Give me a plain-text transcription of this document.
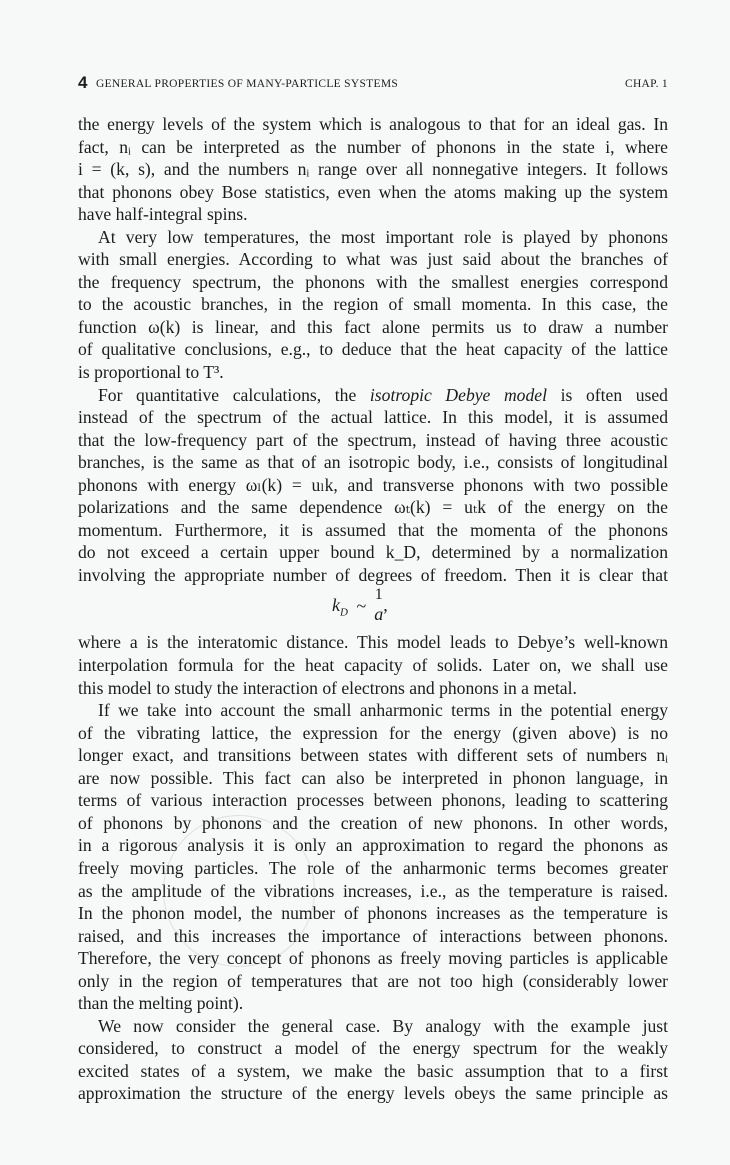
4 GENERAL PROPERTIES OF MANY-PARTICLE SYSTEMS	CHAP. 1
the energy levels of the system which is analogous to that for an ideal gas. In
fact, nᵢ can be interpreted as the number of phonons in the state i, where
i = (k, s), and the numbers nᵢ range over all nonnegative integers. It follows
that phonons obey Bose statistics, even when the atoms making up the system
have half-integral spins.
At very low temperatures, the most important role is played by phonons
with small energies. According to what was just said about the branches of
the frequency spectrum, the phonons with the smallest energies correspond
to the acoustic branches, in the region of small momenta. In this case, the
function ω(k) is linear, and this fact alone permits us to draw a number
of qualitative conclusions, e.g., to deduce that the heat capacity of the lattice
is proportional to T³.
For quantitative calculations, the isotropic Debye model is often used
instead of the spectrum of the actual lattice. In this model, it is assumed
that the low-frequency part of the spectrum, instead of having three acoustic
branches, is the same as that of an isotropic body, i.e., consists of longitudinal
phonons with energy ωₗ(k) = uₗk, and transverse phonons with two possible
polarizations and the same dependence ωₜ(k) = uₜk of the energy on the
momentum. Furthermore, it is assumed that the momenta of the phonons
do not exceed a certain upper bound k_D, determined by a normalization
involving the appropriate number of degrees of freedom. Then it is clear that
$k_D$ ~
1
a ,
where a is the interatomic distance. This model leads to Debye’s well-known
interpolation formula for the heat capacity of solids. Later on, we shall use
this model to study the interaction of electrons and phonons in a metal.
If we take into account the small anharmonic terms in the potential energy
of the vibrating lattice, the expression for the energy (given above) is no
longer exact, and transitions between states with different sets of numbers nᵢ
are now possible. This fact can also be interpreted in phonon language, in
terms of various interaction processes between phonons, leading to scattering
of phonons by phonons and the creation of new phonons. In other words,
in a rigorous analysis it is only an approximation to regard the phonons as
freely moving particles. The role of the anharmonic terms becomes greater
as the amplitude of the vibrations increases, i.e., as the temperature is raised.
In the phonon model, the number of phonons increases as the temperature is
raised, and this increases the importance of interactions between phonons.
Therefore, the very concept of phonons as freely moving particles is applicable
only in the region of temperatures that are not too high (considerably lower
than the melting point).
We now consider the general case. By analogy with the example just
considered, to construct a model of the energy spectrum for the weakly
excited states of a system, we make the basic assumption that to a first
approximation the structure of the energy levels obeys the same principle as
